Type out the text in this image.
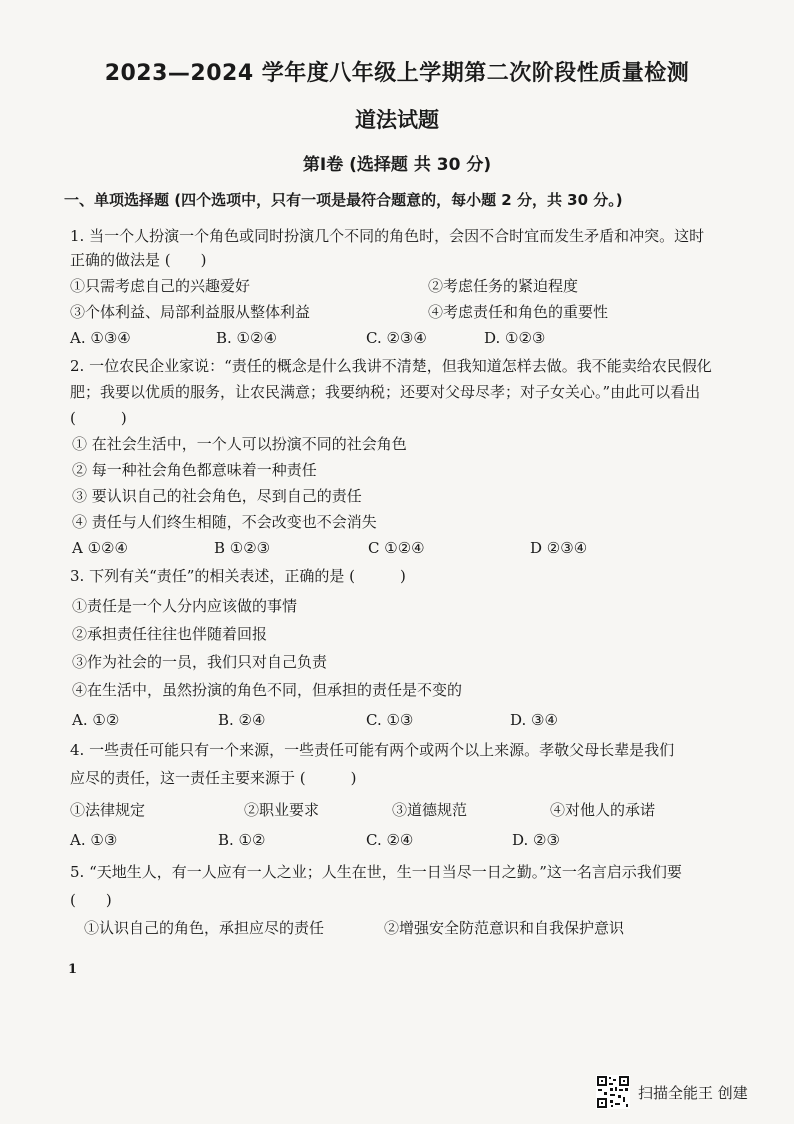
2023—2024 学年度八年级上学期第二次阶段性质量检测
道法试题
第Ⅰ卷 (选择题 共 30 分)
一、单项选择题 (四个选项中，只有一项是最符合题意的，每小题 2 分，共 30 分。)
1. 当一个人扮演一个角色或同时扮演几个不同的角色时，会因不合时宜而发生矛盾和冲突。这时
正确的做法是 (　　)
①只需考虑自己的兴趣爱好	②考虑任务的紧迫程度
③个体利益、局部利益服从整体利益	④考虑责任和角色的重要性
A. ①③④	B. ①②④	C. ②③④	D. ①②③
2. 一位农民企业家说：“责任的概念是什么我讲不清楚，但我知道怎样去做。我不能卖给农民假化
肥；我要以优质的服务，让农民满意；我要纳税；还要对父母尽孝；对子女关心。”由此可以看出
(　　　)
① 在社会生活中，一个人可以扮演不同的社会角色
② 每一种社会角色都意味着一种责任
③ 要认识自己的社会角色，尽到自己的责任
④ 责任与人们终生相随，不会改变也不会消失
A ①②④	B ①②③	C ①②④	D ②③④
3. 下列有关“责任”的相关表述，正确的是 (　　　)
①责任是一个人分内应该做的事情
②承担责任往往也伴随着回报
③作为社会的一员，我们只对自己负责
④在生活中，虽然扮演的角色不同，但承担的责任是不变的
A. ①②	B. ②④	C. ①③	D. ③④
4. 一些责任可能只有一个来源，一些责任可能有两个或两个以上来源。孝敬父母长辈是我们
应尽的责任，这一责任主要来源于 (　　　)
①法律规定	②职业要求	③道德规范	④对他人的承诺
A. ①③	B. ①②	C. ②④	D. ②③
5. “天地生人，有一人应有一人之业；人生在世，生一日当尽一日之勤。”这一名言启示我们要
(　　)
①认识自己的角色，承担应尽的责任	②增强安全防范意识和自我保护意识
1
扫描全能王 创建
